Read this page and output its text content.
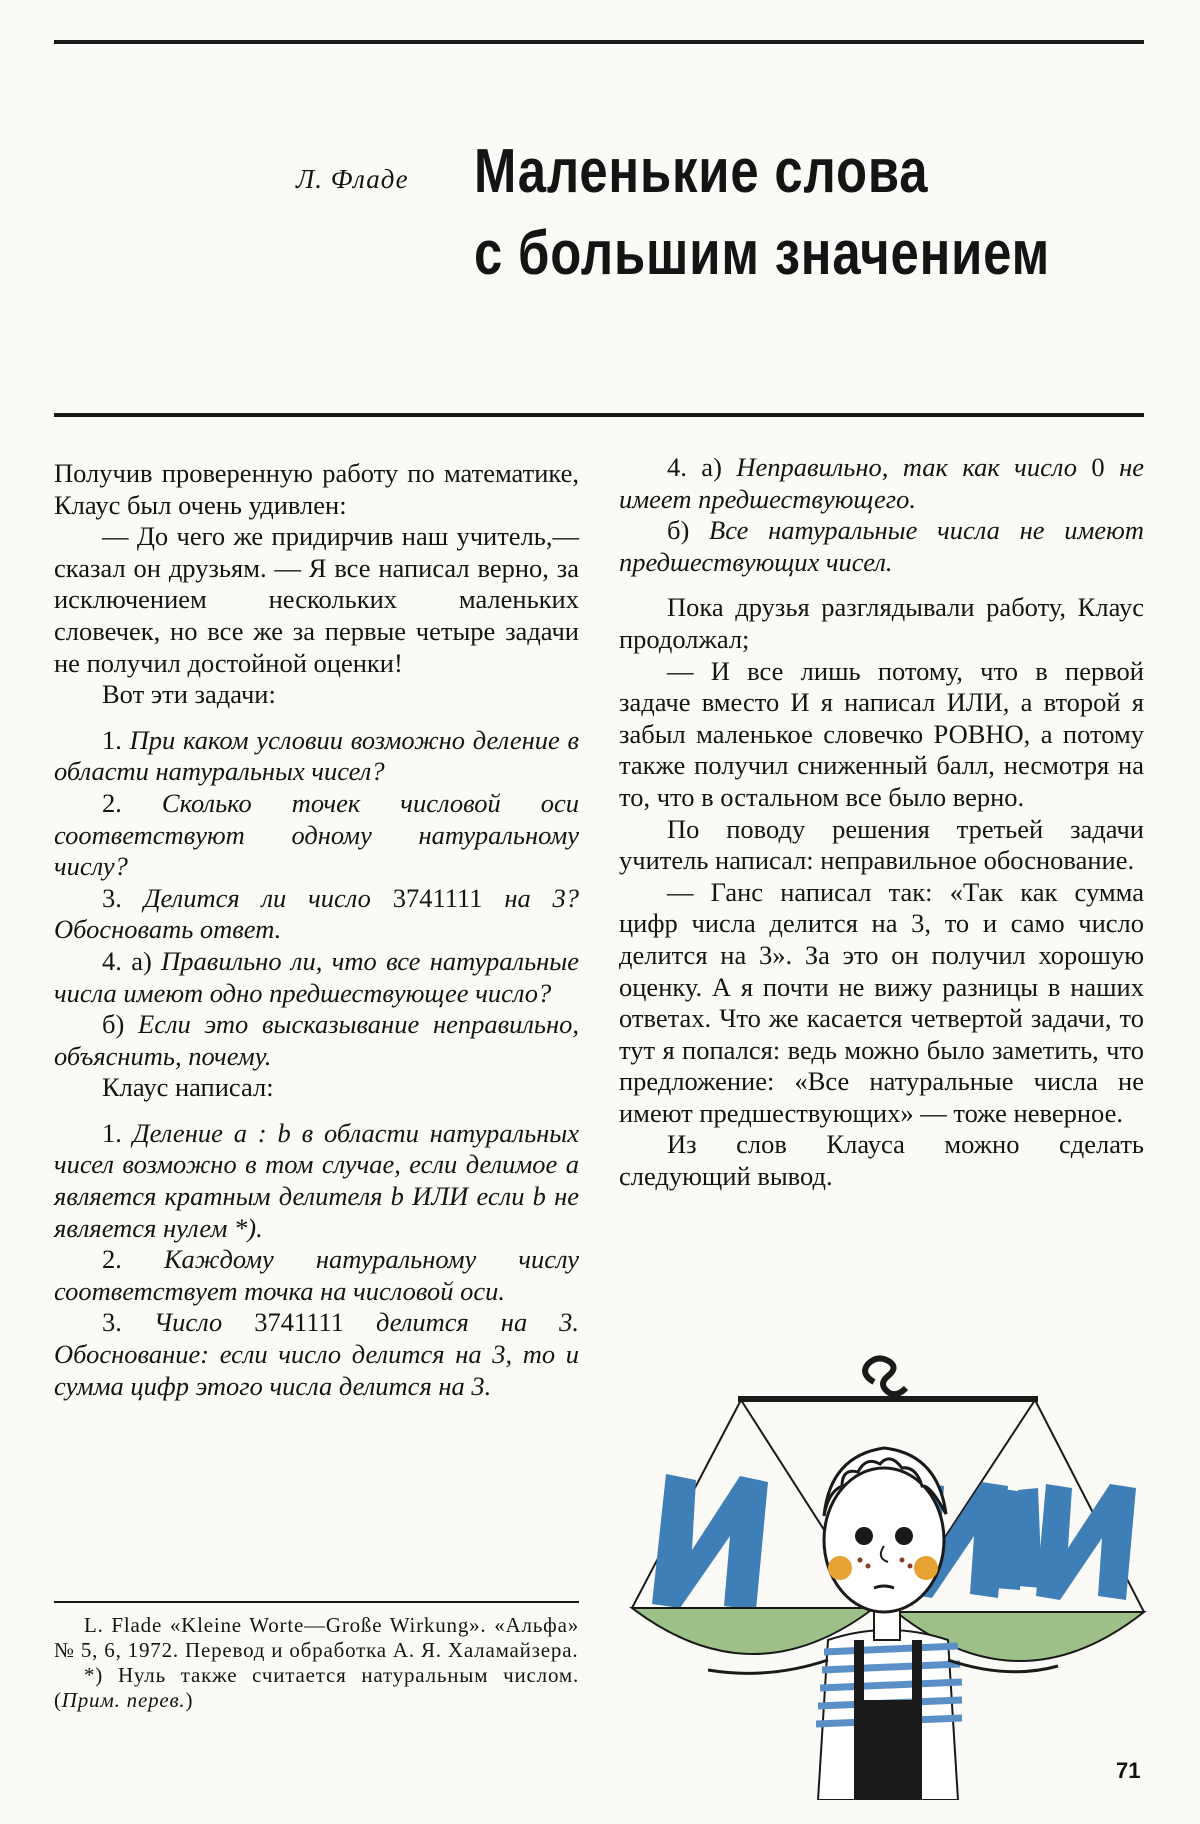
Л. Фладе Маленькие слова
с большим значением

Получив проверенную работу по математике, Клаус был очень удивлен:

— До чего же придирчив наш учитель,— сказал он друзьям. — Я все написал верно, за исключением нескольких маленьких словечек, но все же за первые четыре задачи не получил достойной оценки!

Вот эти задачи:

1. При каком условии возможно деление в области натуральных чисел?

2. Сколько точек числовой оси соответствуют одному натуральному числу?

3. Делится ли число 3741111 на 3? Обосновать ответ.

4. а) Правильно ли, что все натуральные числа имеют одно предшествующее число?

б) Если это высказывание неправильно, объяснить, почему.

Клаус написал:

1. Деление a : b в области натуральных чисел возможно в том случае, если делимое a является кратным делителя b ИЛИ если b не является нулем *).

2. Каждому натуральному числу соответствует точка на числовой оси.

3. Число 3741111 делится на 3. Обоснование: если число делится на 3, то и сумма цифр этого числа делится на 3.

L. Flade «Kleine Worte—Große Wirkung». «Альфа» № 5, 6, 1972. Перевод и обработка А. Я. Халамайзера.

*) Нуль также считается натуральным числом. (Прим. перев.)

4. а) Неправильно, так как число 0 не имеет предшествующего.

б) Все натуральные числа не имеют предшествующих чисел.

Пока друзья разглядывали работу, Клаус продолжал;

— И все лишь потому, что в первой задаче вместо И я написал ИЛИ, а второй я забыл маленькое словечко РОВНО, а потому также получил сниженный балл, несмотря на то, что в остальном все было верно.

По поводу решения третьей задачи учитель написал: неправильное обоснование.

— Ганс написал так: «Так как сумма цифр числа делится на 3, то и само число делится на 3». За это он получил хорошую оценку. А я почти не вижу разницы в наших ответах. Что же касается четвертой задачи, то тут я попался: ведь можно было заметить, что предложение: «Все натуральные числа не имеют предшествующих» — тоже неверное.

Из слов Клауса можно сделать следующий вывод.

71
